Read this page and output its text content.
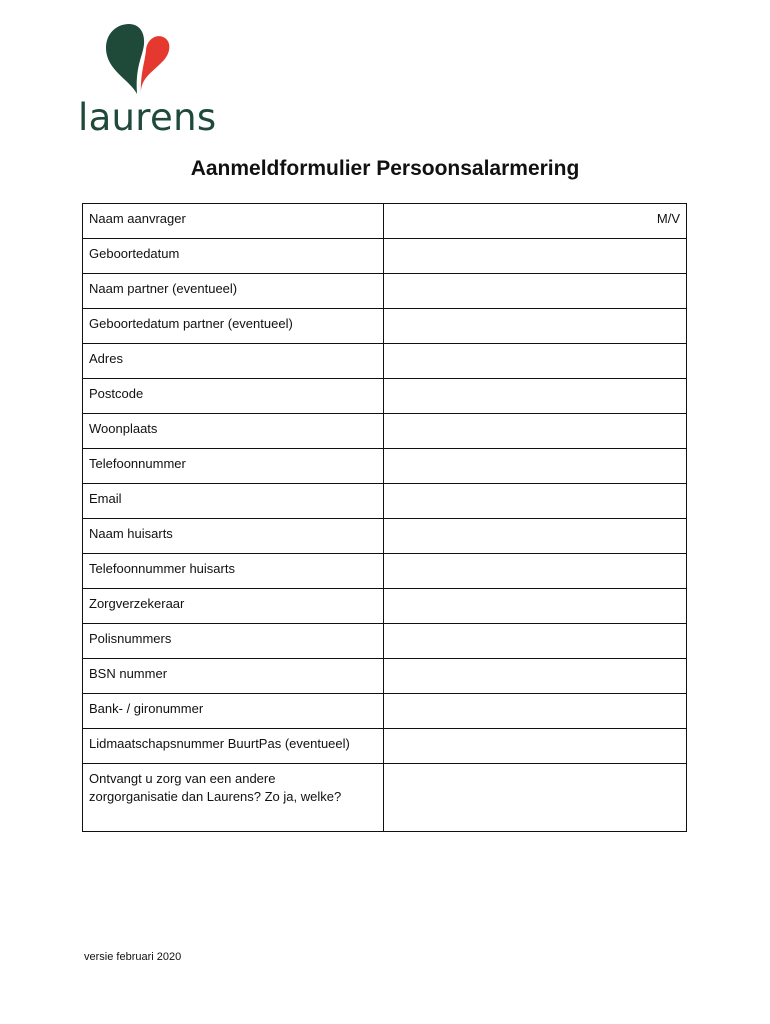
laurens
Aanmeldformulier Persoonsalarmering
Naam aanvrager	M/V

Geboortedatum	
Naam partner (eventueel)	
Geboortedatum partner (eventueel)	
Adres	
Postcode	
Woonplaats	
Telefoonnummer	
Email	
Naam huisarts	
Telefoonnummer huisarts	
Zorgverzekeraar	
Polisnummers	
BSN nummer	
Bank- / gironummer	
Lidmaatschapsnummer BuurtPas (eventueel)	
Ontvangt u zorg van een andere
zorgorganisatie dan Laurens? Zo ja, welke?	
versie februari 2020
